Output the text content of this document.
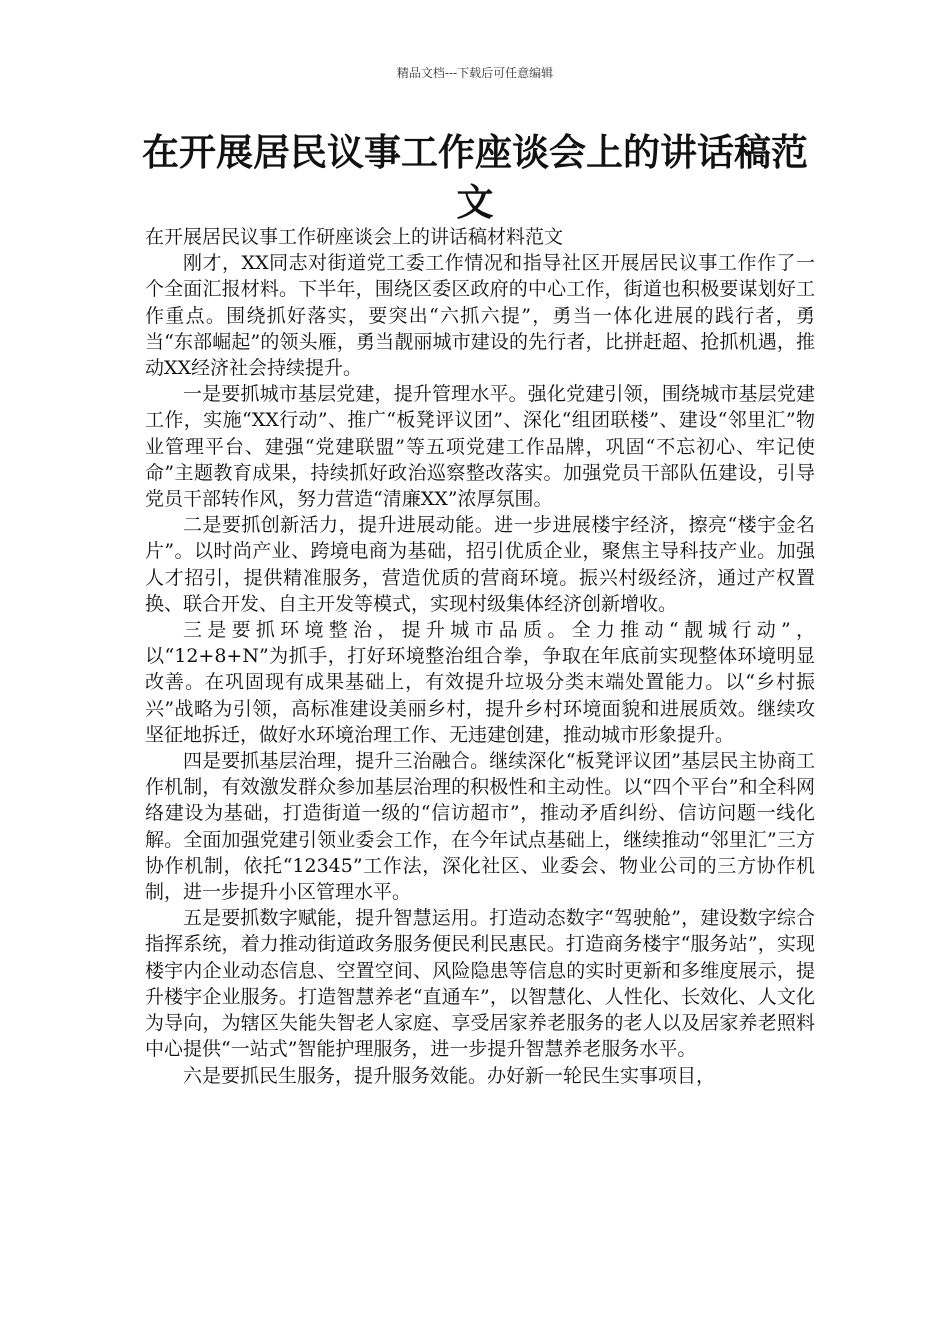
精品文档---下载后可任意编辑
在开展居民议事工作座谈会上的讲话稿范文

在开展居民议事工作研座谈会上的讲话稿材料范文

刚才，XX同志对街道党工委工作情况和指导社区开展居民议事工作作了一个全面汇报材料。下半年，围绕区委区政府的中心工作，街道也积极要谋划好工作重点。围绕抓好落实，要突出“六抓六提”，勇当一体化进展的践行者，勇当“东部崛起”的领头雁，勇当靓丽城市建设的先行者，比拼赶超、抢抓机遇，推动XX经济社会持续提升。

一是要抓城市基层党建，提升管理水平。强化党建引领，围绕城市基层党建工作，实施“XX行动”、推广“板凳评议团”、深化“组团联楼”、建设“邻里汇”物业管理平台、建强“党建联盟”等五项党建工作品牌，巩固“不忘初心、牢记使命”主题教育成果，持续抓好政治巡察整改落实。加强党员干部队伍建设，引导党员干部转作风，努力营造“清廉XX”浓厚氛围。

二是要抓创新活力，提升进展动能。进一步进展楼宇经济，擦亮“楼宇金名片”。以时尚产业、跨境电商为基础，招引优质企业，聚焦主导科技产业。加强人才招引，提供精准服务，营造优质的营商环境。振兴村级经济，通过产权置换、联合开发、自主开发等模式，实现村级集体经济创新增收。

三是要抓环境整治，提升城市品质。全力推动“靓城行动”，以“12+8+N”为抓手，打好环境整治组合拳，争取在年底前实现整体环境明显改善。在巩固现有成果基础上，有效提升垃圾分类末端处置能力。以“乡村振兴”战略为引领，高标准建设美丽乡村，提升乡村环境面貌和进展质效。继续攻坚征地拆迁，做好水环境治理工作、无违建创建，推动城市形象提升。

四是要抓基层治理，提升三治融合。继续深化“板凳评议团”基层民主协商工作机制，有效激发群众参加基层治理的积极性和主动性。以“四个平台”和全科网络建设为基础，打造街道一级的“信访超市”，推动矛盾纠纷、信访问题一线化解。全面加强党建引领业委会工作，在今年试点基础上，继续推动“邻里汇”三方协作机制，依托“12345”工作法，深化社区、业委会、物业公司的三方协作机制，进一步提升小区管理水平。

五是要抓数字赋能，提升智慧运用。打造动态数字“驾驶舱”，建设数字综合指挥系统，着力推动街道政务服务便民利民惠民。打造商务楼宇“服务站”，实现楼宇内企业动态信息、空置空间、风险隐患等信息的实时更新和多维度展示，提升楼宇企业服务。打造智慧养老“直通车”，以智慧化、人性化、长效化、人文化为导向，为辖区失能失智老人家庭、享受居家养老服务的老人以及居家养老照料中心提供“一站式”智能护理服务，进一步提升智慧养老服务水平。

六是要抓民生服务，提升服务效能。办好新一轮民生实事项目，
